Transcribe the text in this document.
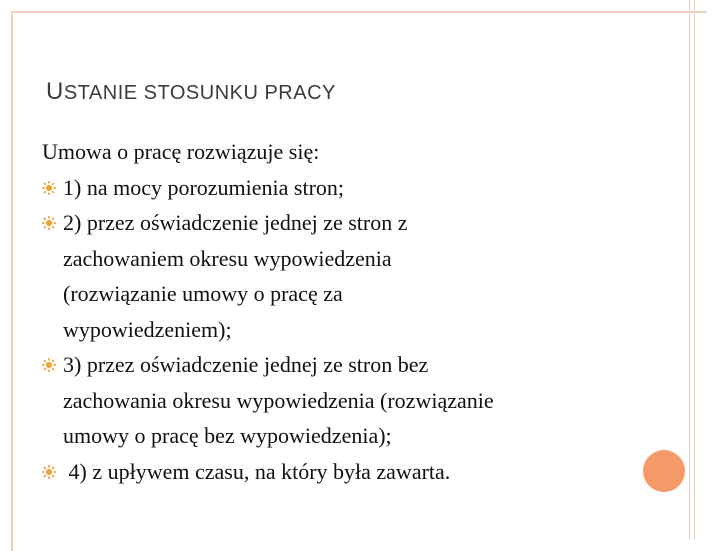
USTANIE STOSUNKU PRACY

Umowa o pracę rozwiązuje się:

1) na mocy porozumienia stron;
2) przez oświadczenie jednej ze stron z
zachowaniem okresu wypowiedzenia
(rozwiązanie umowy o pracę za
wypowiedzeniem);
3) przez oświadczenie jednej ze stron bez
zachowania okresu wypowiedzenia (rozwiązanie
umowy o pracę bez wypowiedzenia);
4) z upływem czasu, na który była zawarta.
